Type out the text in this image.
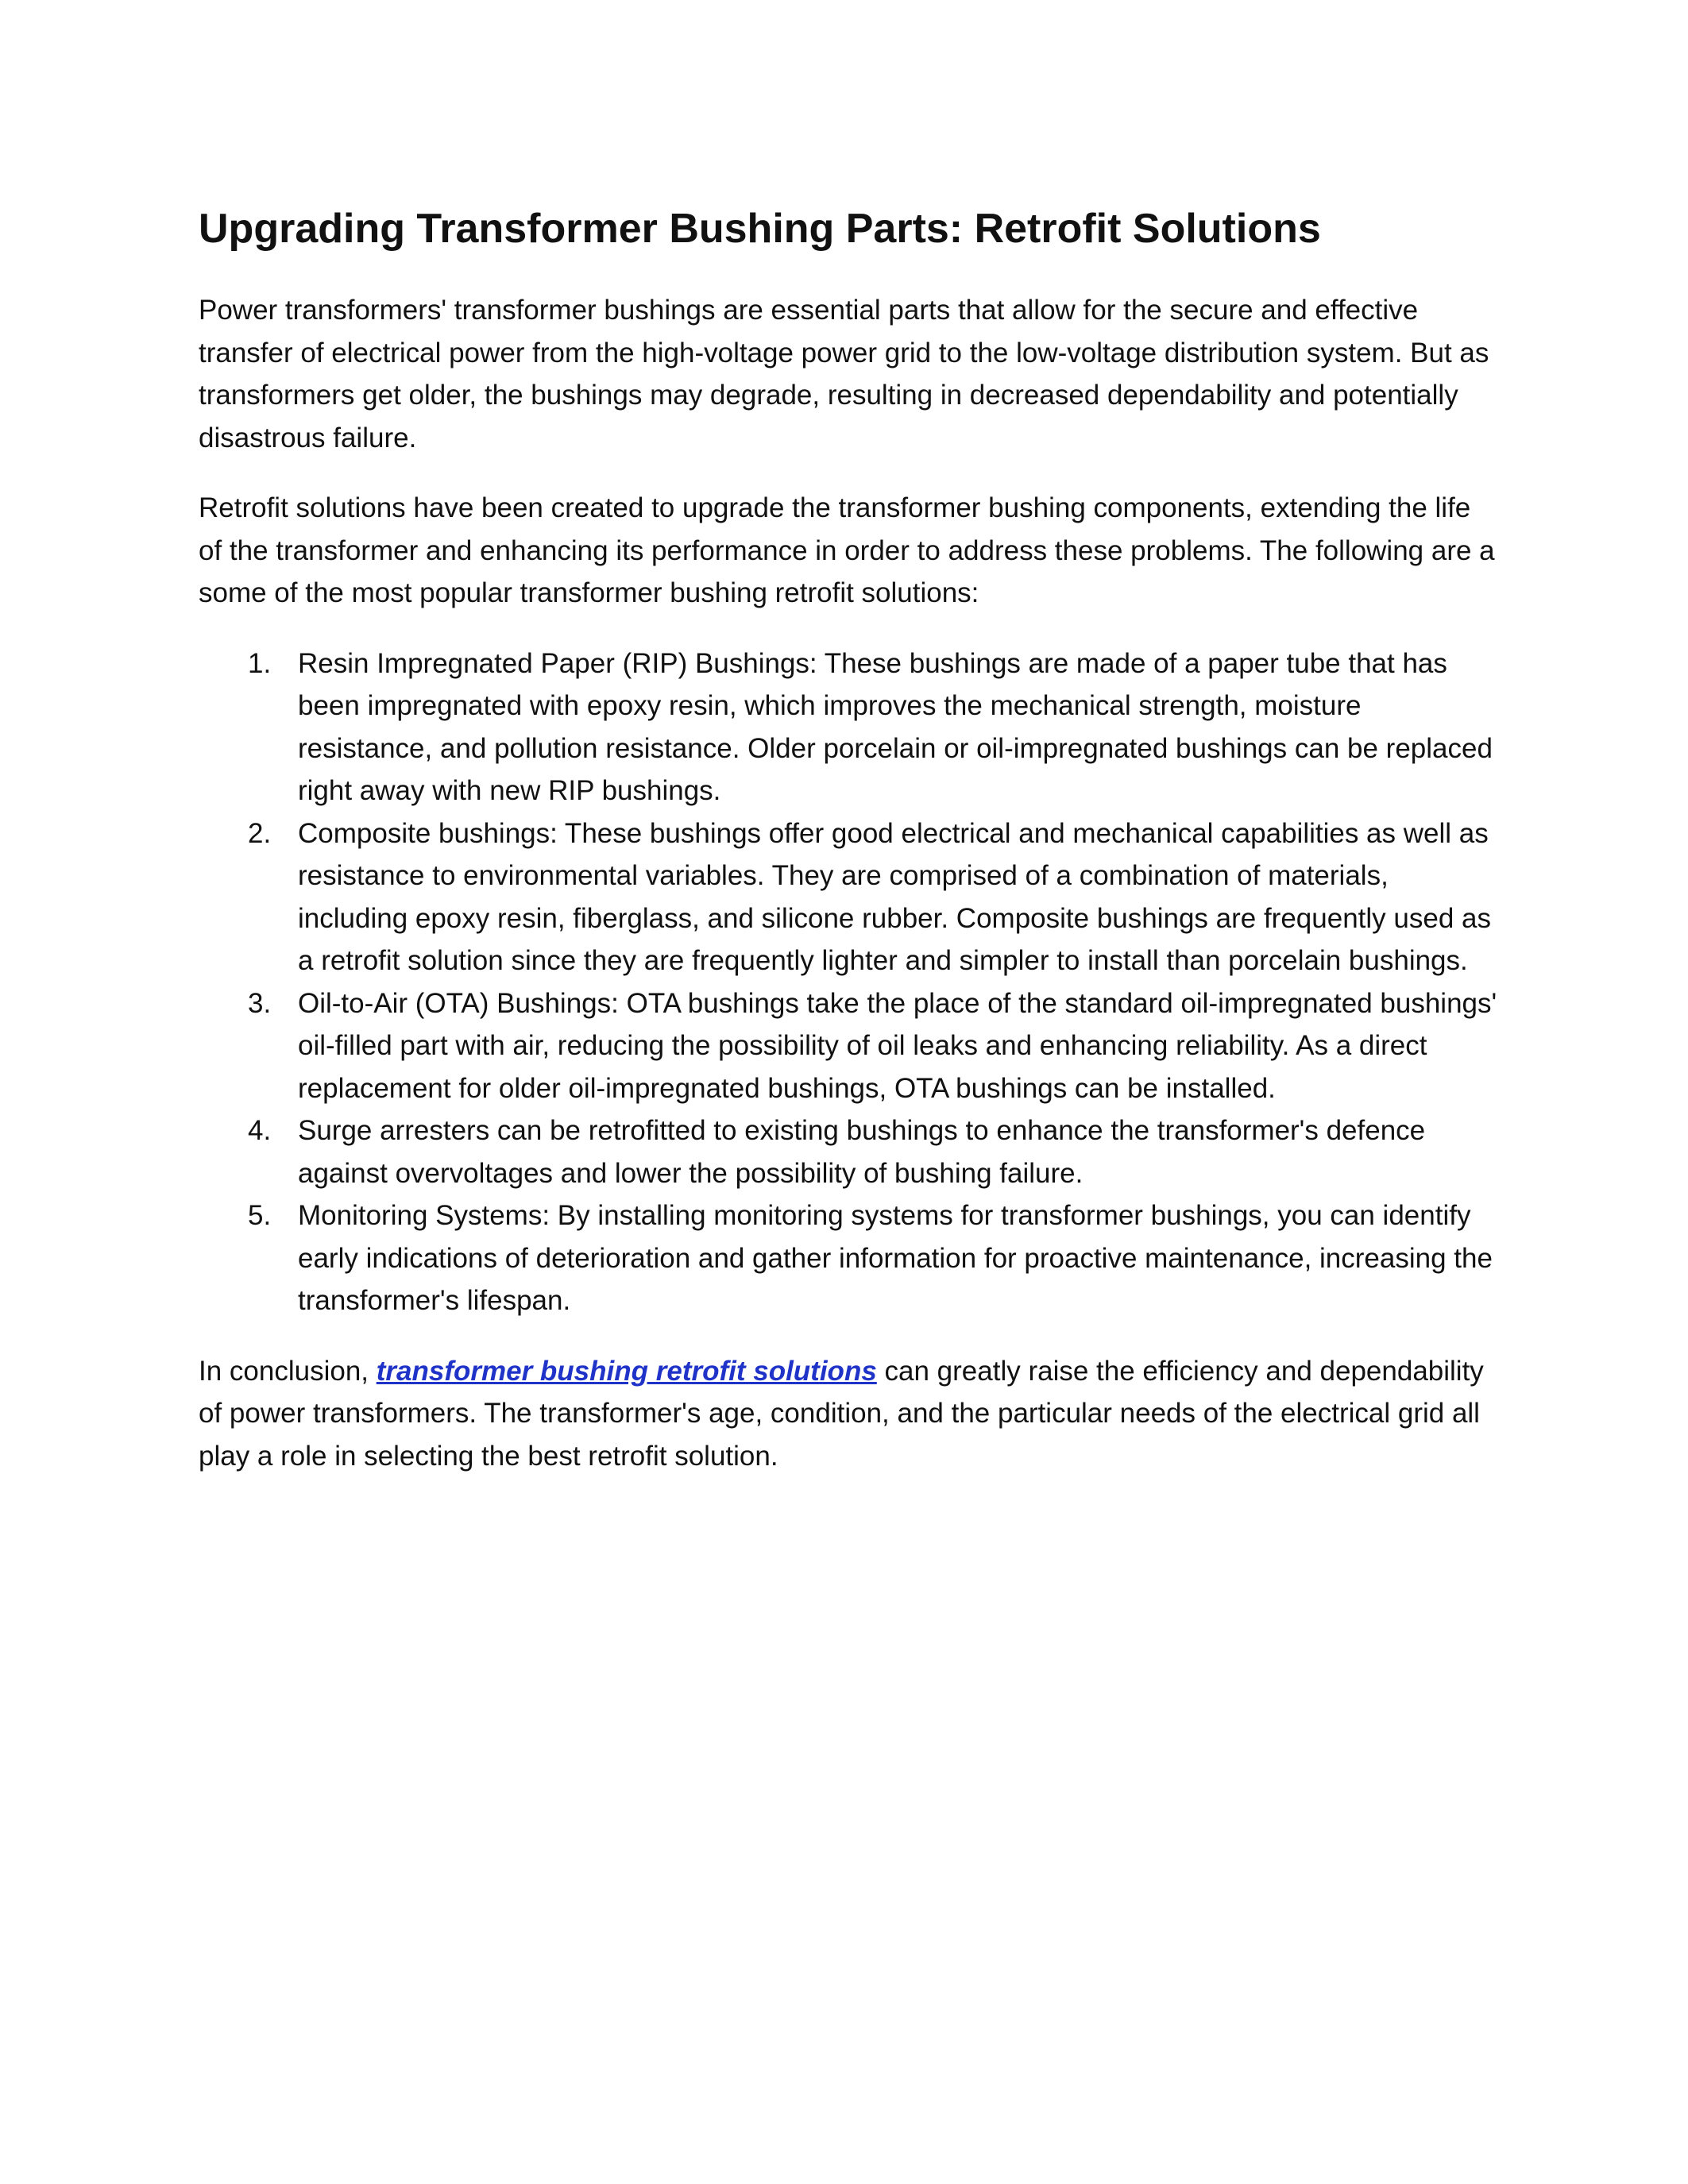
Upgrading Transformer Bushing Parts: Retrofit Solutions

Power transformers' transformer bushings are essential parts that allow for the secure and effective transfer of electrical power from the high-voltage power grid to the low-voltage distribution system. But as transformers get older, the bushings may degrade, resulting in decreased dependability and potentially disastrous failure.

Retrofit solutions have been created to upgrade the transformer bushing components, extending the life of the transformer and enhancing its performance in order to address these problems. The following are a some of the most popular transformer bushing retrofit solutions:

1. Resin Impregnated Paper (RIP) Bushings: These bushings are made of a paper tube that has been impregnated with epoxy resin, which improves the mechanical strength, moisture resistance, and pollution resistance. Older porcelain or oil-impregnated bushings can be replaced right away with new RIP bushings.
2. Composite bushings: These bushings offer good electrical and mechanical capabilities as well as resistance to environmental variables. They are comprised of a combination of materials, including epoxy resin, fiberglass, and silicone rubber. Composite bushings are frequently used as a retrofit solution since they are frequently lighter and simpler to install than porcelain bushings.
3. Oil-to-Air (OTA) Bushings: OTA bushings take the place of the standard oil-impregnated bushings' oil-filled part with air, reducing the possibility of oil leaks and enhancing reliability. As a direct replacement for older oil-impregnated bushings, OTA bushings can be installed.
4. Surge arresters can be retrofitted to existing bushings to enhance the transformer's defence against overvoltages and lower the possibility of bushing failure.
5. Monitoring Systems: By installing monitoring systems for transformer bushings, you can identify early indications of deterioration and gather information for proactive maintenance, increasing the transformer's lifespan.

In conclusion, transformer bushing retrofit solutions can greatly raise the efficiency and dependability of power transformers. The transformer's age, condition, and the particular needs of the electrical grid all play a role in selecting the best retrofit solution.
